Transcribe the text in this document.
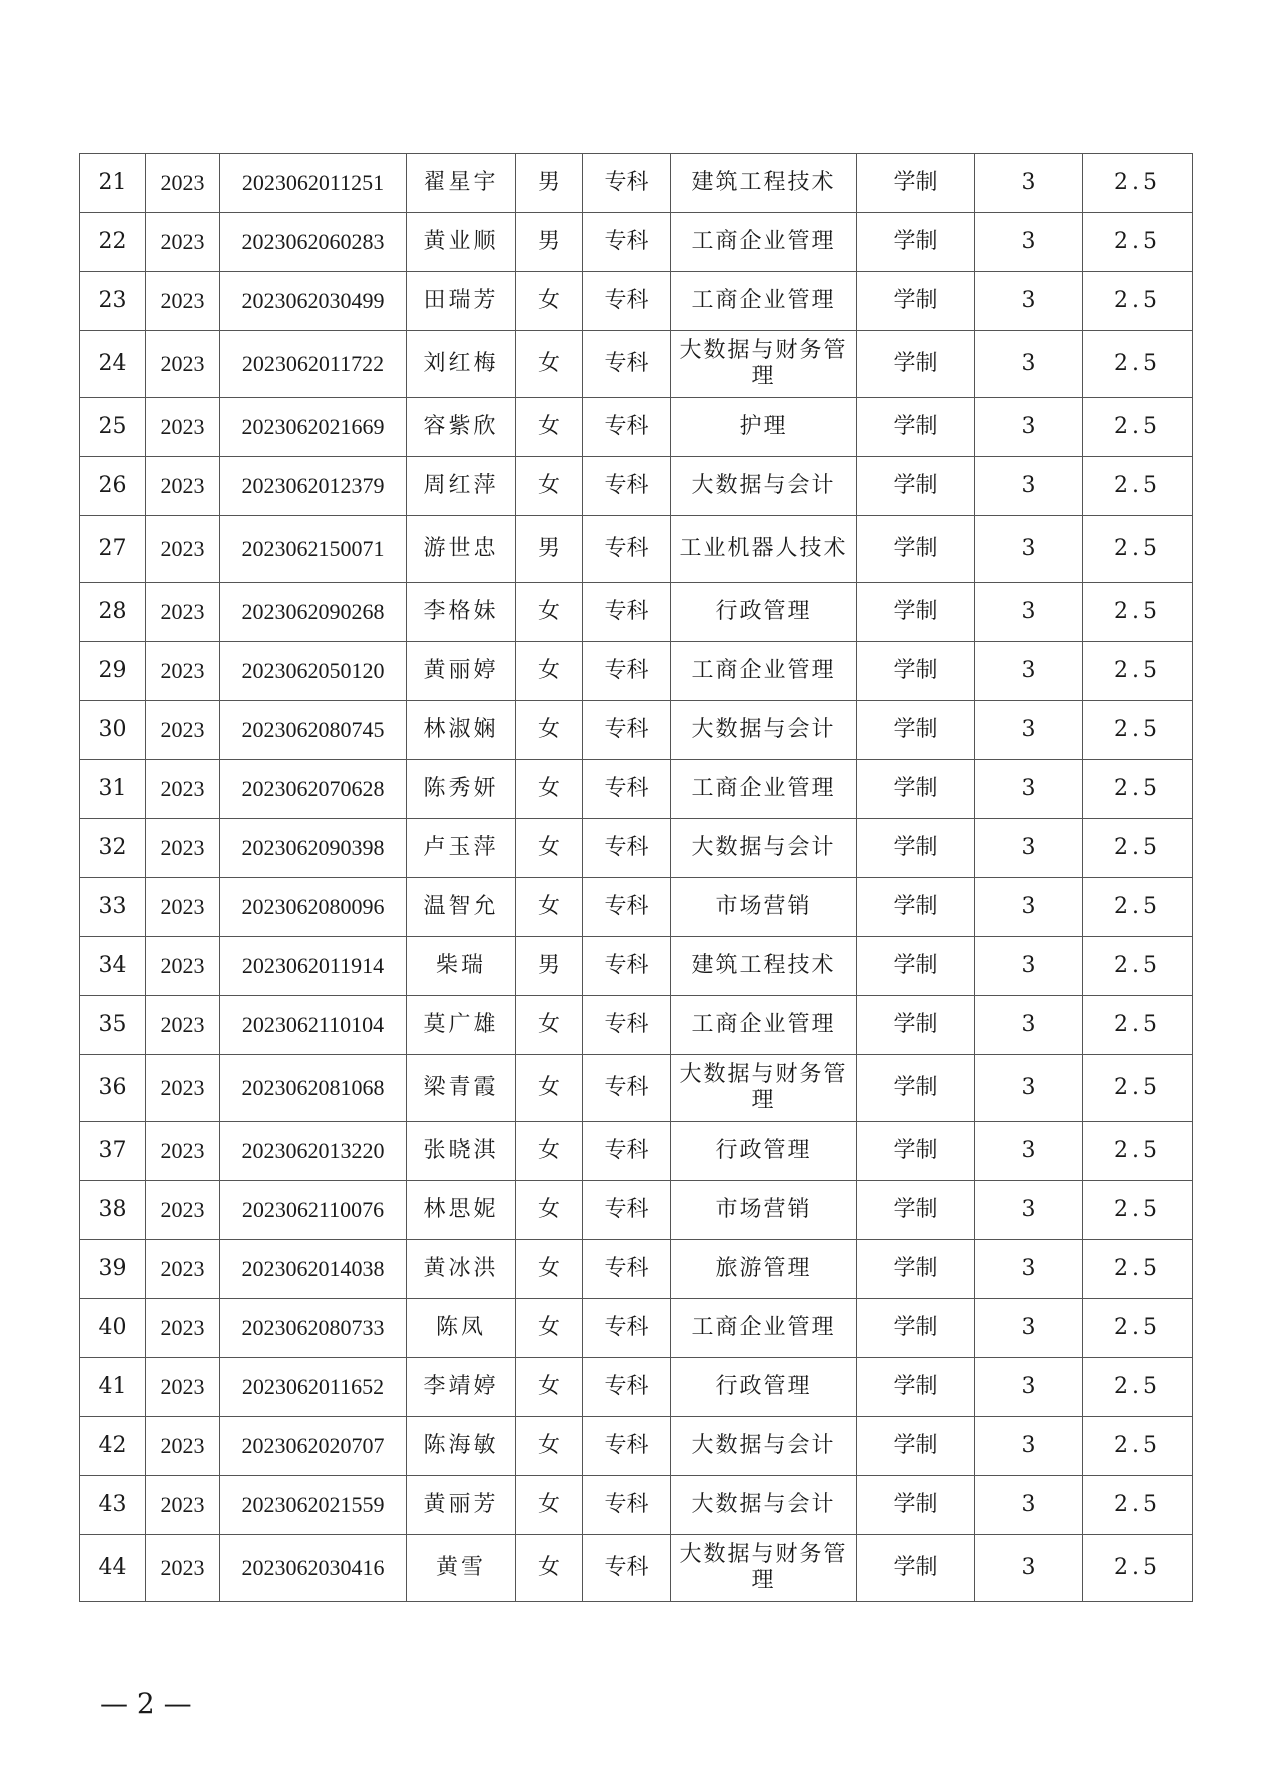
21	2023	2023062011251	翟星宇	男	专科	建筑工程技术	学制	3	2.5
22	2023	2023062060283	黄业顺	男	专科	工商企业管理	学制	3	2.5
23	2023	2023062030499	田瑞芳	女	专科	工商企业管理	学制	3	2.5
24	2023	2023062011722	刘红梅	女	专科	大数据与财务管理	学制	3	2.5
25	2023	2023062021669	容紫欣	女	专科	护理	学制	3	2.5
26	2023	2023062012379	周红萍	女	专科	大数据与会计	学制	3	2.5
27	2023	2023062150071	游世忠	男	专科	工业机器人技术	学制	3	2.5
28	2023	2023062090268	李格妹	女	专科	行政管理	学制	3	2.5
29	2023	2023062050120	黄丽婷	女	专科	工商企业管理	学制	3	2.5
30	2023	2023062080745	林淑娴	女	专科	大数据与会计	学制	3	2.5
31	2023	2023062070628	陈秀妍	女	专科	工商企业管理	学制	3	2.5
32	2023	2023062090398	卢玉萍	女	专科	大数据与会计	学制	3	2.5
33	2023	2023062080096	温智允	女	专科	市场营销	学制	3	2.5
34	2023	2023062011914	柴瑞	男	专科	建筑工程技术	学制	3	2.5
35	2023	2023062110104	莫广雄	女	专科	工商企业管理	学制	3	2.5
36	2023	2023062081068	梁青霞	女	专科	大数据与财务管理	学制	3	2.5
37	2023	2023062013220	张晓淇	女	专科	行政管理	学制	3	2.5
38	2023	2023062110076	林思妮	女	专科	市场营销	学制	3	2.5
39	2023	2023062014038	黄冰洪	女	专科	旅游管理	学制	3	2.5
40	2023	2023062080733	陈凤	女	专科	工商企业管理	学制	3	2.5
41	2023	2023062011652	李靖婷	女	专科	行政管理	学制	3	2.5
42	2023	2023062020707	陈海敏	女	专科	大数据与会计	学制	3	2.5
43	2023	2023062021559	黄丽芳	女	专科	大数据与会计	学制	3	2.5
44	2023	2023062030416	黄雪	女	专科	大数据与财务管理	学制	3	2.5
— 2 —
